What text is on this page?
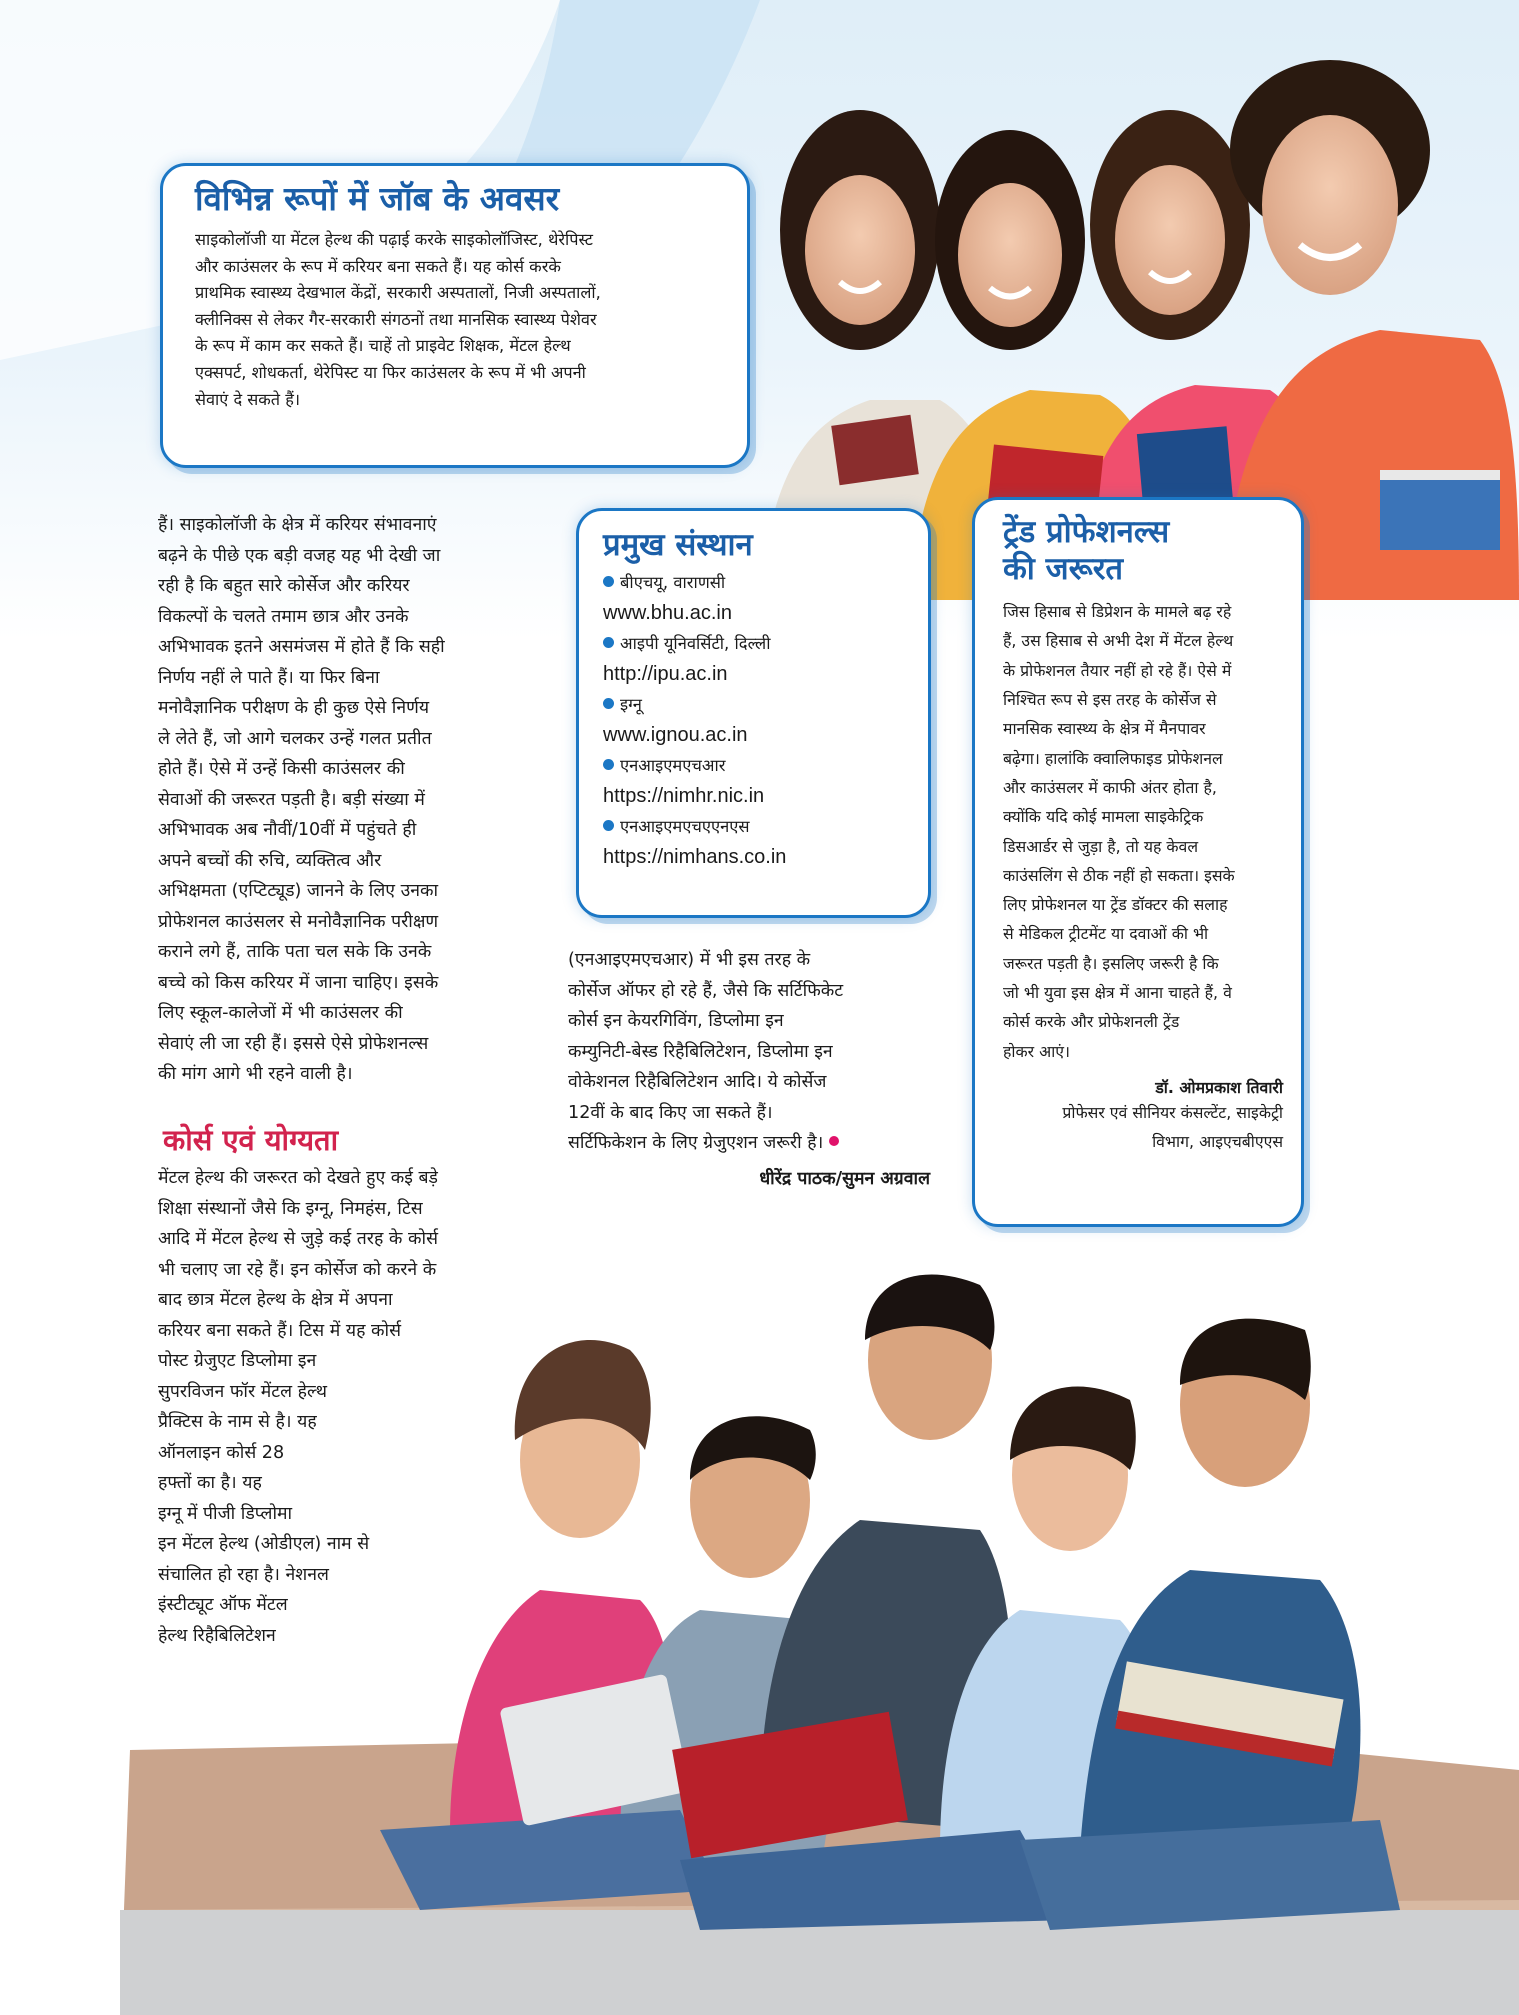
विभिन्न रूपों में जॉब के अवसर

साइकोलॉजी या मेंटल हेल्थ की पढ़ाई करके साइकोलॉजिस्ट, थेरेपिस्ट
और काउंसलर के रूप में करियर बना सकते हैं। यह कोर्स करके
प्राथमिक स्वास्थ्य देखभाल केंद्रों, सरकारी अस्पतालों, निजी अस्पतालों,
क्लीनिक्स से लेकर गैर-सरकारी संगठनों तथा मानसिक स्वास्थ्य पेशेवर
के रूप में काम कर सकते हैं। चाहें तो प्राइवेट शिक्षक, मेंटल हेल्थ
एक्सपर्ट, शोधकर्ता, थेरेपिस्ट या फिर काउंसलर के रूप में भी अपनी
सेवाएं दे सकते हैं।

हैं। साइकोलॉजी के क्षेत्र में करियर संभावनाएं
बढ़ने के पीछे एक बड़ी वजह यह भी देखी जा
रही है कि बहुत सारे कोर्सेज और करियर
विकल्पों के चलते तमाम छात्र और उनके
अभिभावक इतने असमंजस में होते हैं कि सही
निर्णय नहीं ले पाते हैं। या फिर बिना
मनोवैज्ञानिक परीक्षण के ही कुछ ऐसे निर्णय
ले लेते हैं, जो आगे चलकर उन्हें गलत प्रतीत
होते हैं। ऐसे में उन्हें किसी काउंसलर की
सेवाओं की जरूरत पड़ती है। बड़ी संख्या में
अभिभावक अब नौवीं/10वीं में पहुंचते ही
अपने बच्चों की रुचि, व्यक्तित्व और
अभिक्षमता (एप्टिट्यूड) जानने के लिए उनका
प्रोफेशनल काउंसलर से मनोवैज्ञानिक परीक्षण
कराने लगे हैं, ताकि पता चल सके कि उनके
बच्चे को किस करियर में जाना चाहिए। इसके
लिए स्कूल-कालेजों में भी काउंसलर की
सेवाएं ली जा रही हैं। इससे ऐसे प्रोफेशनल्स
की मांग आगे भी रहने वाली है।
कोर्स एवं योग्यता
मेंटल हेल्थ की जरूरत को देखते हुए कई बड़े
शिक्षा संस्थानों जैसे कि इग्नू, निमहंस, टिस
आदि में मेंटल हेल्थ से जुड़े कई तरह के कोर्स
भी चलाए जा रहे हैं। इन कोर्सेज को करने के
बाद छात्र मेंटल हेल्थ के क्षेत्र में अपना
करियर बना सकते हैं। टिस में यह कोर्स
पोस्ट ग्रेजुएट डिप्लोमा इन
सुपरविजन फॉर मेंटल हेल्थ
प्रैक्टिस के नाम से है। यह
ऑनलाइन कोर्स 28
हफ्तों का है। यह
इग्नू में पीजी डिप्लोमा
इन मेंटल हेल्थ (ओडीएल) नाम से
संचालित हो रहा है। नेशनल
इंस्टीट्यूट ऑफ मेंटल
हेल्थ रिहैबिलिटेशन
प्रमुख संस्थान
बीएचयू, वाराणसी
www.bhu.ac.in
आइपी यूनिवर्सिटी, दिल्ली
http://ipu.ac.in
इग्नू
www.ignou.ac.in
एनआइएमएचआर
https://nimhr.nic.in
एनआइएमएचएएनएस
https://nimhans.co.in
(एनआइएमएचआर) में भी इस तरह के
कोर्सेज ऑफर हो रहे हैं, जैसे कि सर्टिफिकेट
कोर्स इन केयरगिविंग, डिप्लोमा इन
कम्युनिटी-बेस्ड रिहैबिलिटेशन, डिप्लोमा इन
वोकेशनल रिहैबिलिटेशन आदि। ये कोर्सेज
12वीं के बाद किए जा सकते हैं।
सर्टिफिकेशन के लिए ग्रेजुएशन जरूरी है।
धीरेंद्र पाठक/सुमन अग्रवाल
ट्रेंड प्रोफेशनल्स
की जरूरत

जिस हिसाब से डिप्रेशन के मामले बढ़ रहे
हैं, उस हिसाब से अभी देश में मेंटल हेल्थ
के प्रोफेशनल तैयार नहीं हो रहे हैं। ऐसे में
निश्चित रूप से इस तरह के कोर्सेज से
मानसिक स्वास्थ्य के क्षेत्र में मैनपावर
बढ़ेगा। हालांकि क्वालिफाइड प्रोफेशनल
और काउंसलर में काफी अंतर होता है,
क्योंकि यदि कोई मामला साइकेट्रिक
डिसआर्डर से जुड़ा है, तो यह केवल
काउंसलिंग से ठीक नहीं हो सकता। इसके
लिए प्रोफेशनल या ट्रेंड डॉक्टर की सलाह
से मेडिकल ट्रीटमेंट या दवाओं की भी
जरूरत पड़ती है। इसलिए जरूरी है कि
जो भी युवा इस क्षेत्र में आना चाहते हैं, वे
कोर्स करके और प्रोफेशनली ट्रेंड
होकर आएं।

डॉ. ओमप्रकाश तिवारी
प्रोफेसर एवं सीनियर कंसल्टेंट, साइकेट्री
विभाग, आइएचबीएएस
